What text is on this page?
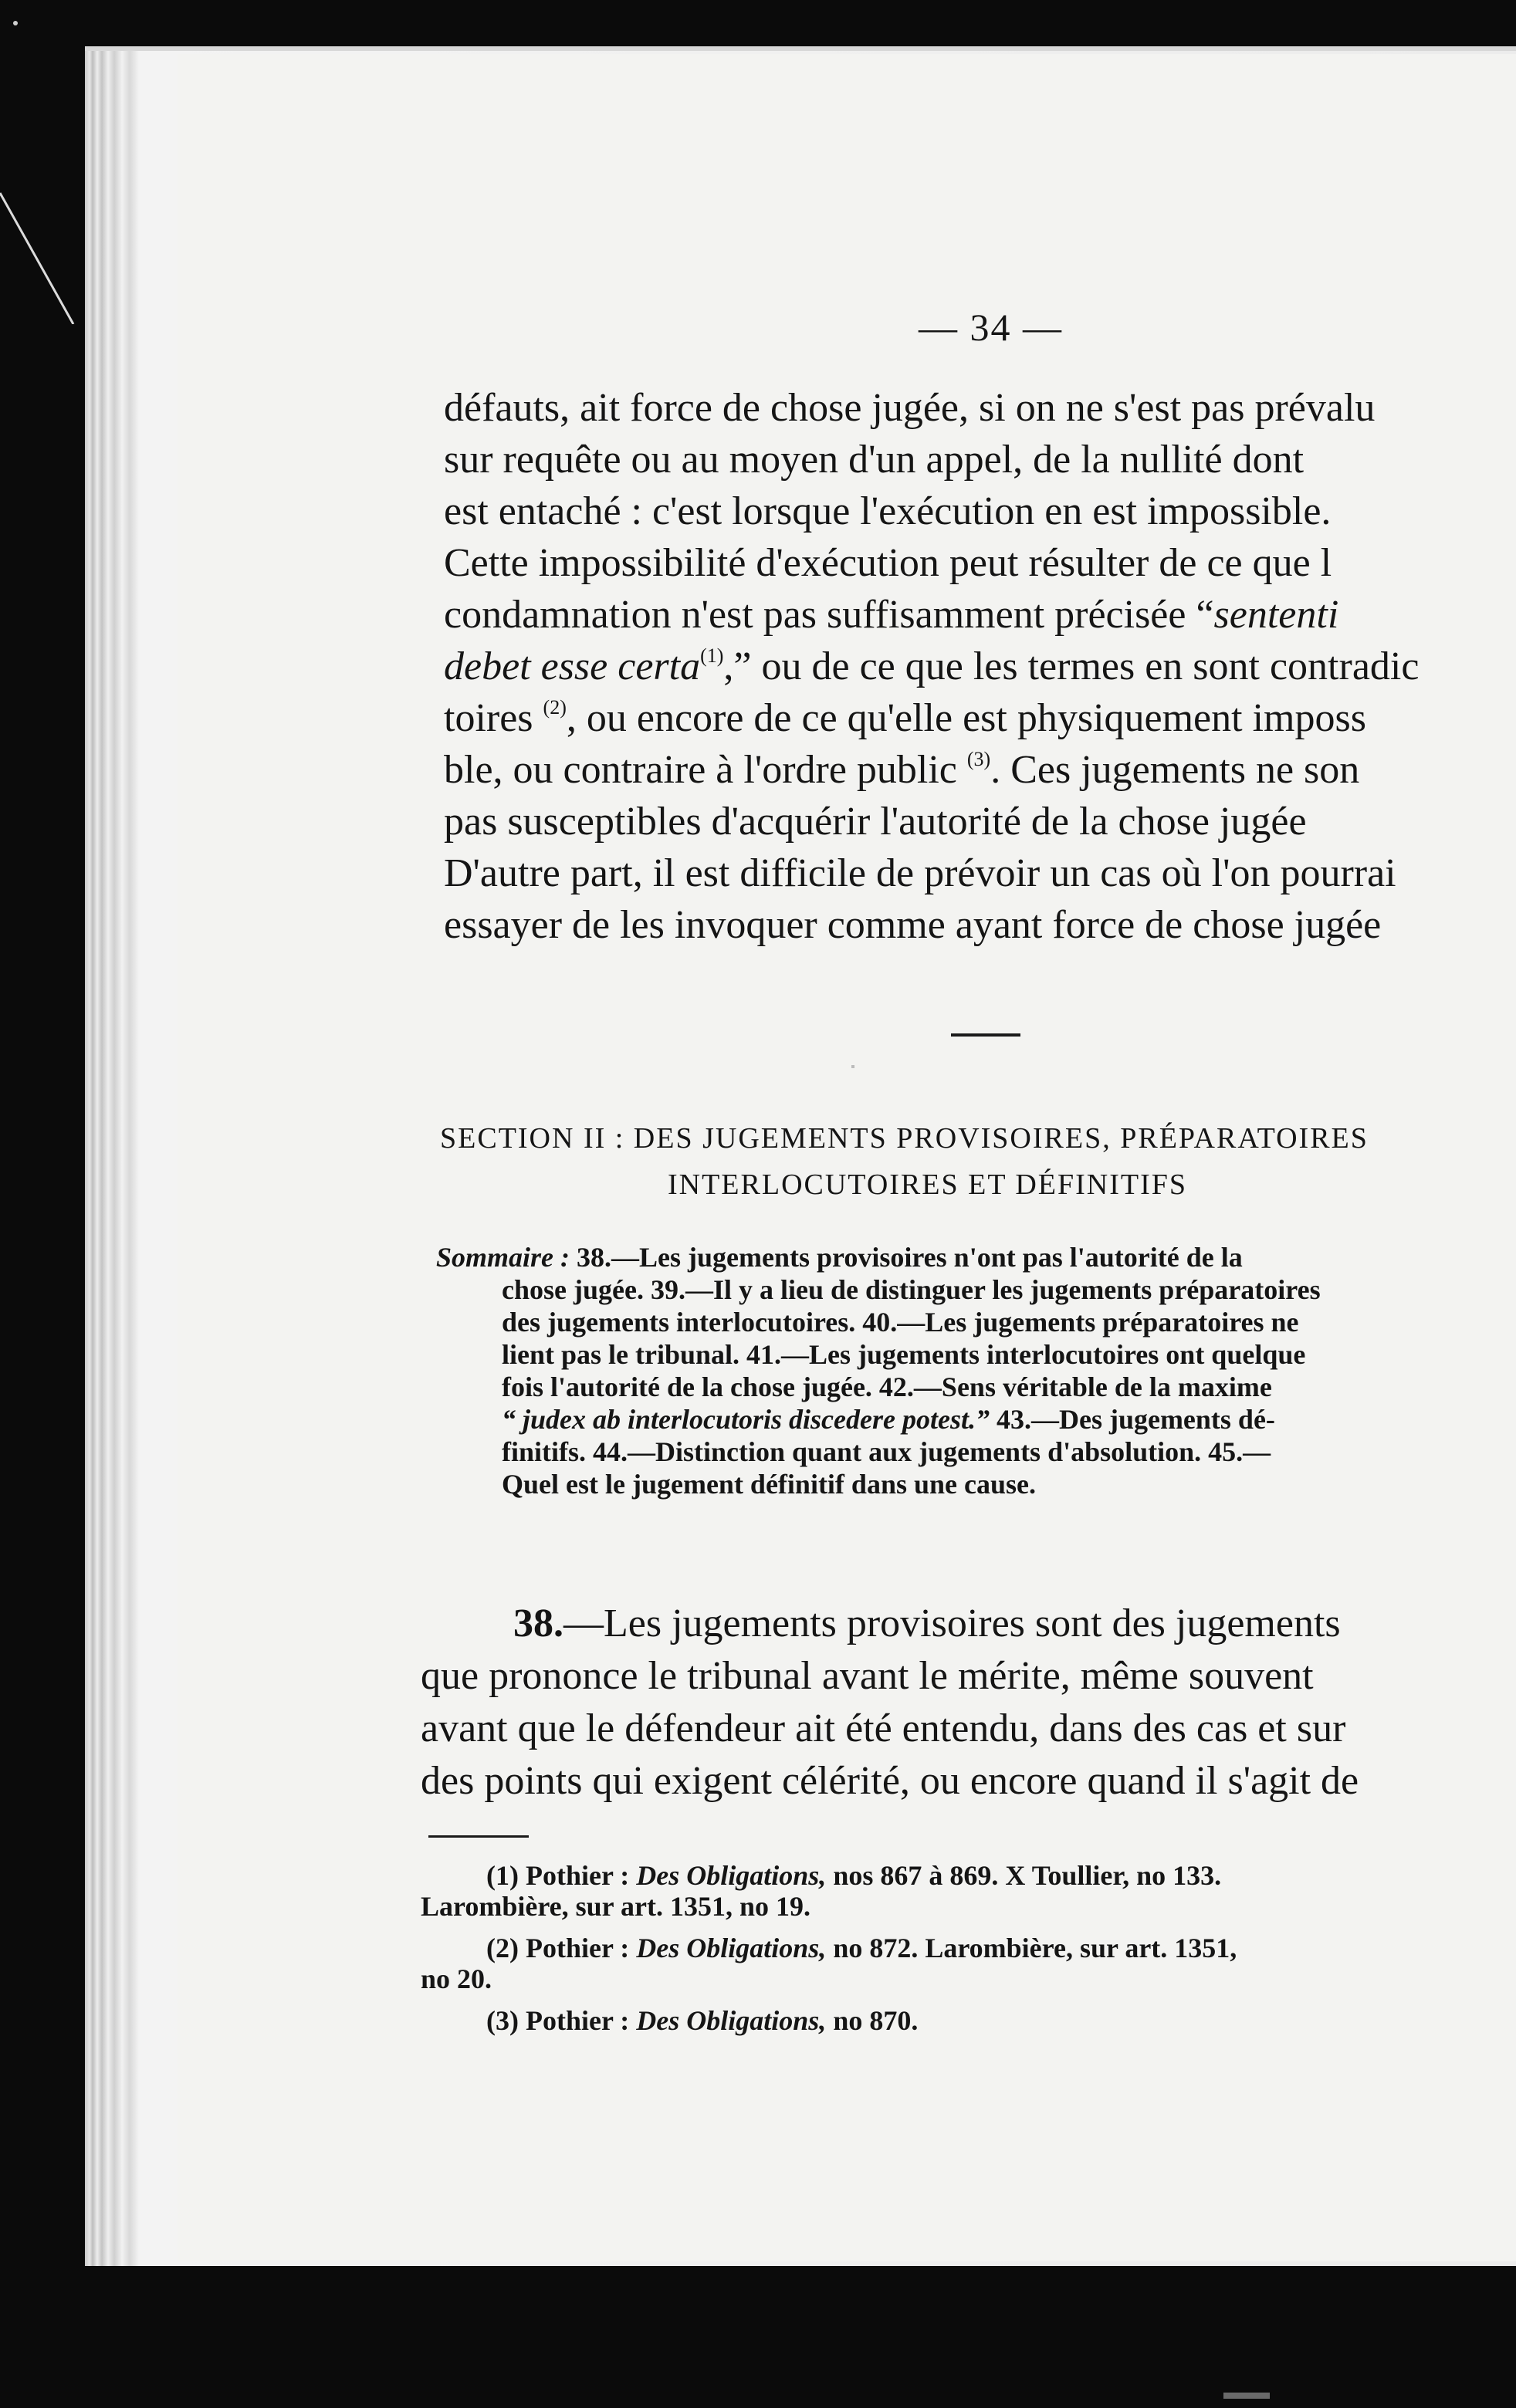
— 34 —
défauts, ait force de chose jugée, si on ne s'est pas prévalu
sur requête ou au moyen d'un appel, de la nullité dont
est entaché : c'est lorsque l'exécution en est impossible.
Cette impossibilité d'exécution peut résulter de ce que l
condamnation n'est pas suffisamment précisée “sententi
debet esse certa$^{(1)}$,” ou de ce que les termes en sont contradic
toires $^{(2)}$, ou encore de ce qu'elle est physiquement imposs
ble, ou contraire à l'ordre public $^{(3)}$. Ces jugements ne son
pas susceptibles d'acquérir l'autorité de la chose jugée
D'autre part, il est difficile de prévoir un cas où l'on pourrai
essayer de les invoquer comme ayant force de chose jugée
SECTION II : DES JUGEMENTS PROVISOIRES, PRÉPARATOIRES
INTERLOCUTOIRES ET DÉFINITIFS
Sommaire : 38.—Les jugements provisoires n'ont pas l'autorité de la
chose jugée. 39.—Il y a lieu de distinguer les jugements préparatoires
des jugements interlocutoires. 40.—Les jugements préparatoires ne
lient pas le tribunal. 41.—Les jugements interlocutoires ont quelque
fois l'autorité de la chose jugée. 42.—Sens véritable de la maxime
“ judex ab interlocutoris discedere potest.” 43.—Des jugements dé-
finitifs. 44.—Distinction quant aux jugements d'absolution. 45.—
Quel est le jugement définitif dans une cause.
38.—Les jugements provisoires sont des jugements
que prononce le tribunal avant le mérite, même souvent
avant que le défendeur ait été entendu, dans des cas et sur
des points qui exigent célérité, ou encore quand il s'agit de
(1) Pothier : Des Obligations, nos 867 à 869. X Toullier, no 133.
Larombière, sur art. 1351, no 19.
(2) Pothier : Des Obligations, no 872. Larombière, sur art. 1351,
no 20.
(3) Pothier : Des Obligations, no 870.
